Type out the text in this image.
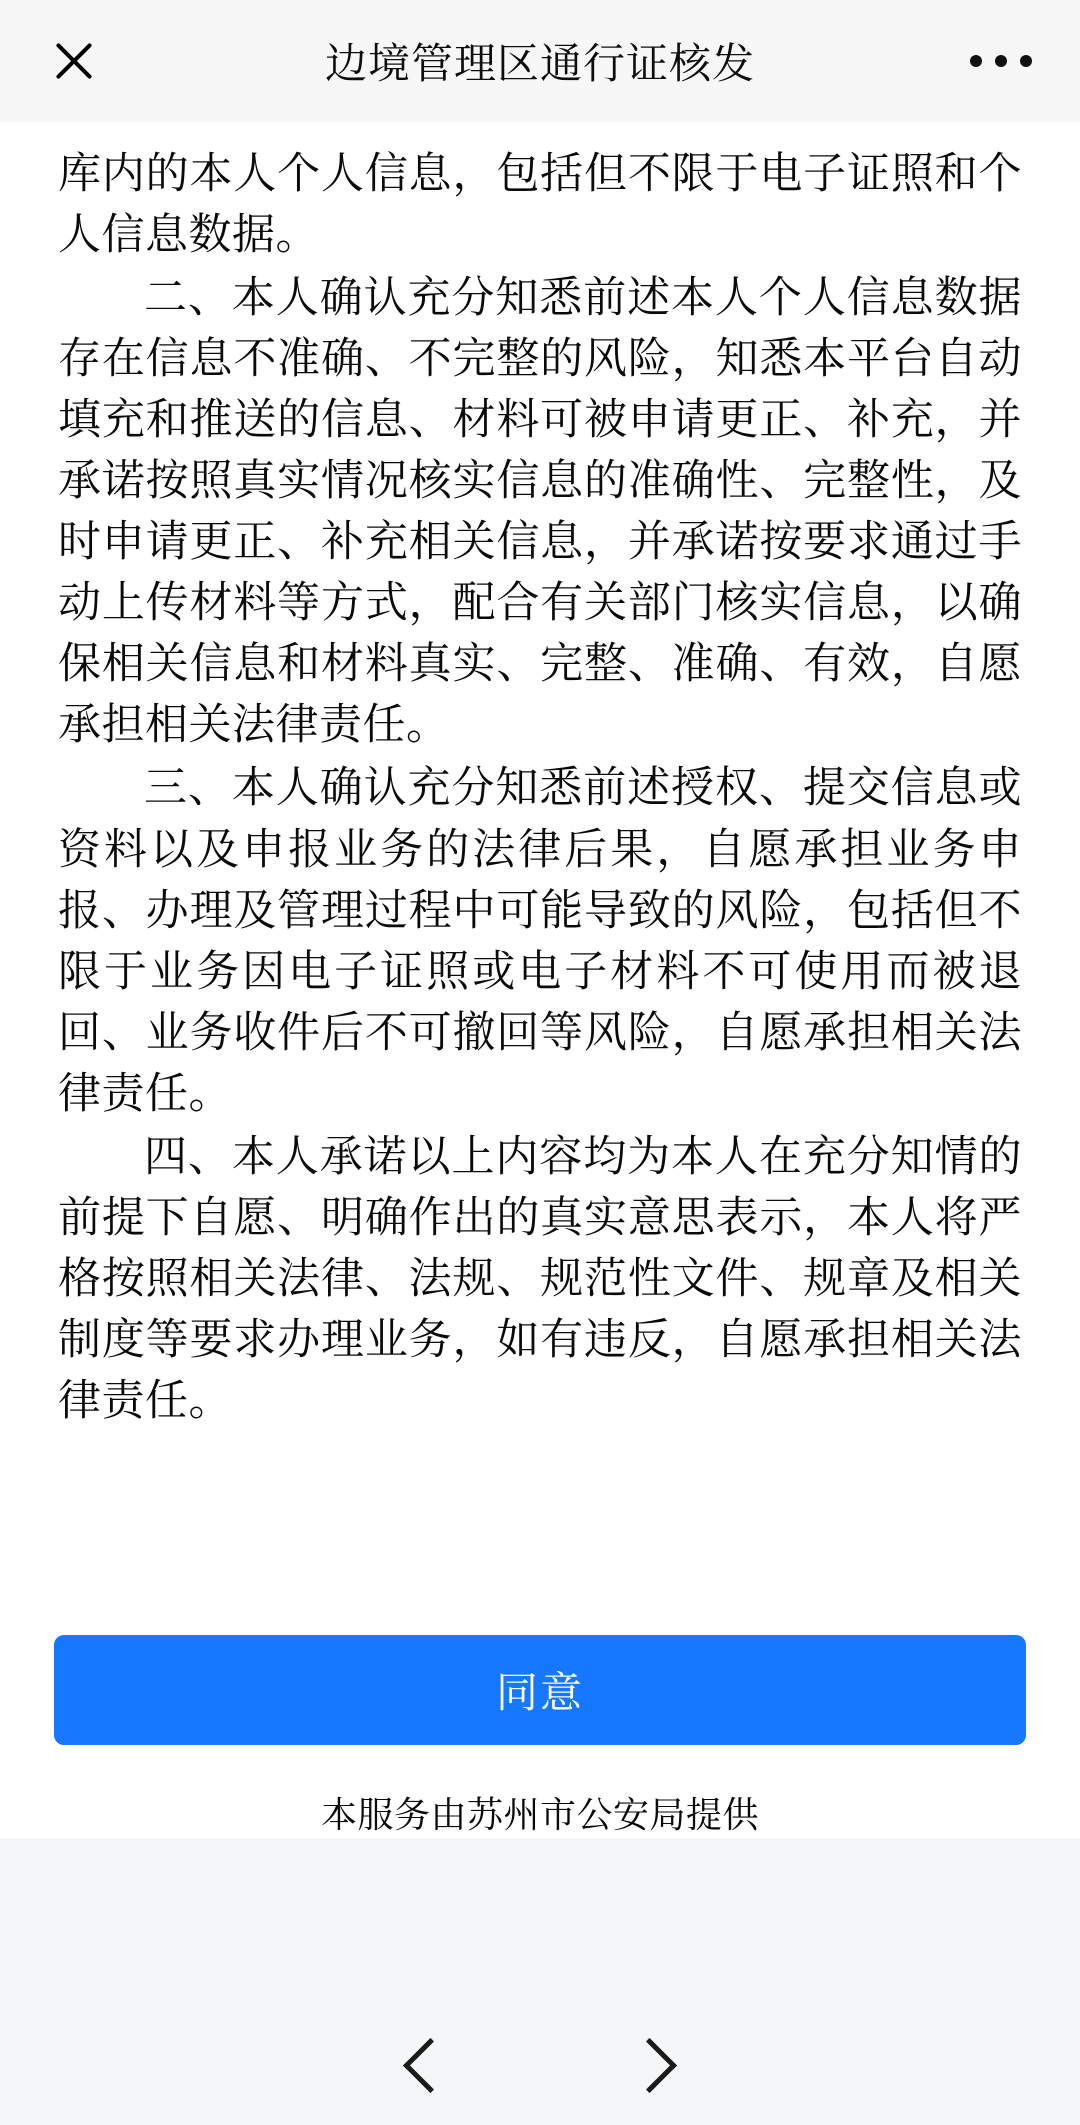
边境管理区通行证核发

库内的本人个人信息，包括但不限于电子证照和个人信息数据。

二、本人确认充分知悉前述本人个人信息数据存在信息不准确、不完整的风险，知悉本平台自动填充和推送的信息、材料可被申请更正、补充，并承诺按照真实情况核实信息的准确性、完整性，及时申请更正、补充相关信息，并承诺按要求通过手动上传材料等方式，配合有关部门核实信息，以确保相关信息和材料真实、完整、准确、有效，自愿承担相关法律责任。

三、本人确认充分知悉前述授权、提交信息或资料以及申报业务的法律后果，自愿承担业务申报、办理及管理过程中可能导致的风险，包括但不限于业务因电子证照或电子材料不可使用而被退回、业务收件后不可撤回等风险，自愿承担相关法律责任。

四、本人承诺以上内容均为本人在充分知情的前提下自愿、明确作出的真实意思表示，本人将严格按照相关法律、法规、规范性文件、规章及相关制度等要求办理业务，如有违反，自愿承担相关法律责任。

同意
本服务由苏州市公安局提供
